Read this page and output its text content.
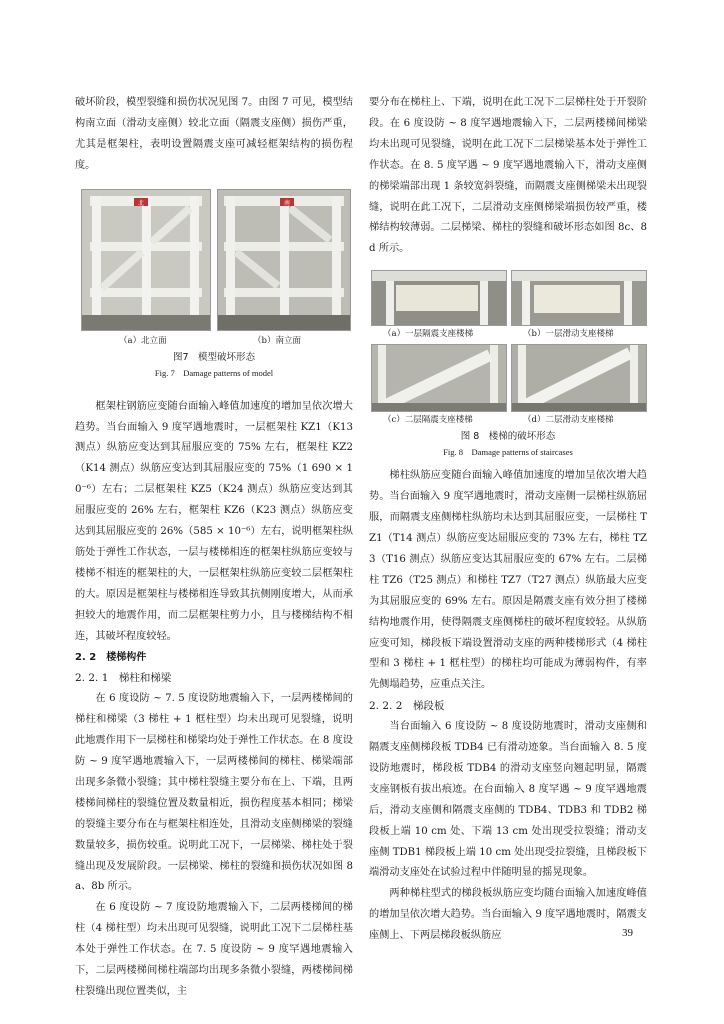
破坏阶段，模型裂缝和损伤状况见图 7。由图 7 可见，模型结构南立面（滑动支座侧）较北立面（隔震支座侧）损伤严重，尤其是框架柱，表明设置隔震支座可减轻框架结构的损伤程度。

北	南
（a）北立面	（b）南立面
图7　模型破坏形态
Fig. 7　Damage patterns of model

框架柱钢筋应变随台面输入峰值加速度的增加呈依次增大趋势。当台面输入 9 度罕遇地震时，一层框架柱 KZ1（K13 测点）纵筋应变达到其屈服应变的 75% 左右，框架柱 KZ2（K14 测点）纵筋应变达到其屈服应变的 75%（1 690 × 10⁻⁶）左右；二层框架柱 KZ5（K24 测点）纵筋应变达到其屈服应变的 26% 左右，框架柱 KZ6（K23 测点）纵筋应变达到其屈服应变的 26%（585 × 10⁻⁶）左右，说明框架柱纵筋处于弹性工作状态，一层与楼梯相连的框架柱纵筋应变较与楼梯不相连的框架柱的大，一层框架柱纵筋应变较二层框架柱的大。原因是框架柱与楼梯相连导致其抗侧刚度增大，从而承担较大的地震作用，而二层框架柱剪力小，且与楼梯结构不相连，其破坏程度较轻。

2. 2　楼梯构件

2. 2. 1　梯柱和梯梁

在 6 度设防 ~ 7. 5 度设防地震输入下，一层两楼梯间的梯柱和梯梁（3 梯柱 + 1 框柱型）均未出现可见裂缝，说明此地震作用下一层梯柱和梯梁均处于弹性工作状态。在 8 度设防 ~ 9 度罕遇地震输入下，一层两楼梯间的梯柱、梯梁端部出现多条微小裂缝；其中梯柱裂缝主要分布在上、下端，且两楼梯间梯柱的裂缝位置及数量相近，损伤程度基本相同；梯梁的裂缝主要分布在与框架柱相连处，且滑动支座侧梯梁的裂缝数量较多，损伤较重。说明此工况下，一层梯梁、梯柱处于裂缝出现及发展阶段。一层梯梁、梯柱的裂缝和损伤状况如图 8a、8b 所示。

在 6 度设防 ~ 7 度设防地震输入下，二层两楼梯间的梯柱（4 梯柱型）均未出现可见裂缝，说明此工况下二层梯柱基本处于弹性工作状态。在 7. 5 度设防 ~ 9 度罕遇地震输入下，二层两楼梯间梯柱端部均出现多条微小裂缝，两楼梯间梯柱裂缝出现位置类似，主

要分布在梯柱上、下端，说明在此工况下二层梯柱处于开裂阶段。在 6 度设防 ~ 8 度罕遇地震输入下，二层两楼梯间梯梁均未出现可见裂缝，说明在此工况下二层梯梁基本处于弹性工作状态。在 8. 5 度罕遇 ~ 9 度罕遇地震输入下，滑动支座侧的梯梁端部出现 1 条较宽斜裂缝，而隔震支座侧梯梁未出现裂缝，说明在此工况下，二层滑动支座侧梯梁端损伤较严重，楼梯结构较薄弱。二层梯梁、梯柱的裂缝和破坏形态如图 8c、8d 所示。

（a）一层隔震支座楼梯	（b）一层滑动支座楼梯
（c）二层隔震支座楼梯	（d）二层滑动支座楼梯
图 8　楼梯的破坏形态
Fig. 8　Damage patterns of staircases

梯柱纵筋应变随台面输入峰值加速度的增加呈依次增大趋势。当台面输入 9 度罕遇地震时，滑动支座侧一层梯柱纵筋屈服，而隔震支座侧梯柱纵筋均未达到其屈服应变，一层梯柱 TZ1（T14 测点）纵筋应变达屈服应变的 73% 左右，梯柱 TZ3（T16 测点）纵筋应变达其屈服应变的 67% 左右。二层梯柱 TZ6（T25 测点）和梯柱 TZ7（T27 测点）纵筋最大应变为其屈服应变的 69% 左右。原因是隔震支座有效分担了楼梯结构地震作用，使得隔震支座侧梯柱的破坏程度较轻。从纵筋应变可知，梯段板下端设置滑动支座的两种楼梯形式（4 梯柱型和 3 梯柱 + 1 框柱型）的梯柱均可能成为薄弱构件，有率先侧塌趋势，应重点关注。

2. 2. 2　梯段板

当台面输入 6 度设防 ~ 8 度设防地震时，滑动支座侧和隔震支座侧梯段板 TDB4 已有滑动迹象。当台面输入 8. 5 度设防地震时，梯段板 TDB4 的滑动支座竖向翘起明显，隔震支座钢板有拔出痕迹。在台面输入 8 度罕遇 ~ 9 度罕遇地震后，滑动支座侧和隔震支座侧的 TDB4、TDB3 和 TDB2 梯段板上端 10 cm 处、下端 13 cm 处出现受拉裂缝；滑动支座侧 TDB1 梯段板上端 10 cm 处出现受拉裂缝，且梯段板下端滑动支座处在试验过程中伴随明显的摇晃现象。

两种梯柱型式的梯段板纵筋应变均随台面输入加速度峰值的增加呈依次增大趋势。当台面输入 9 度罕遇地震时，隔震支座侧上、下两层梯段板纵筋应	39
